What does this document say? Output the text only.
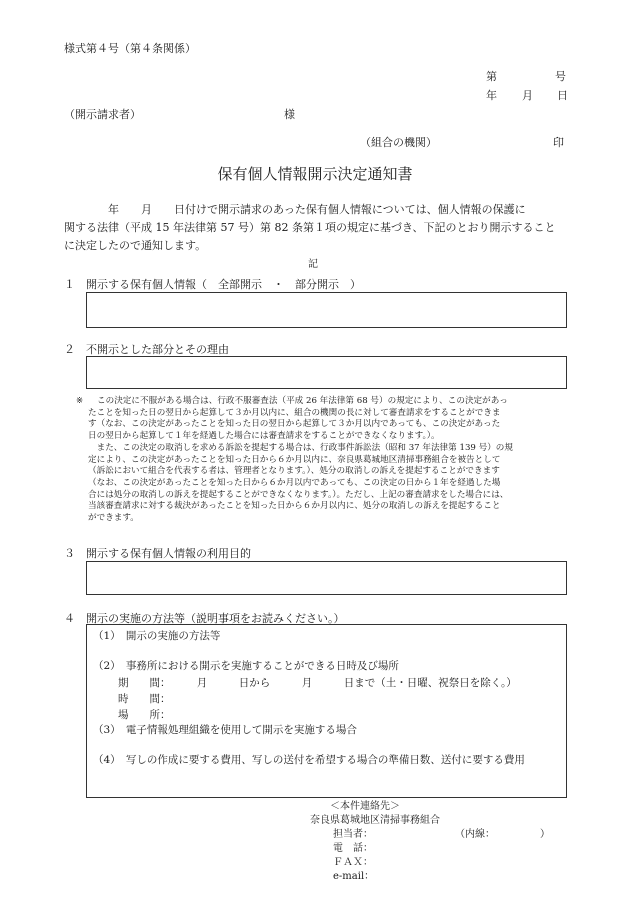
様式第４号（第４条関係）
第	号
年 月 日
（開示請求者）	様
（組合の機関）	印
保有個人情報開示決定通知書
　　　　年　　月　　日付けで開示請求のあった保有個人情報については、個人情報の保護に
関する法律（平成 15 年法律第 57 号）第 82 条第１項の規定に基づき、下記のとおり開示すること
に決定したので通知します。
記
１ 開示する保有個人情報（　全部開示　・　部分開示　）
２ 不開示とした部分とその理由
※	この決定に不服がある場合は、行政不服審査法（平成 26 年法律第 68 号）の規定により、この決定があっ

たことを知った日の翌日から起算して３か月以内に、組合の機関の長に対して審査請求をすることができま

す（なお、この決定があったことを知った日の翌日から起算して３か月以内であっても、この決定があった

日の翌日から起算して１年を経過した場合には審査請求をすることができなくなります。）。

　また、この決定の取消しを求める訴訟を提起する場合は、行政事件訴訟法（昭和 37 年法律第 139 号）の規

定により、この決定があったことを知った日から６か月以内に、奈良県葛城地区清掃事務組合を被告として

（訴訟において組合を代表する者は、管理者となります。）、処分の取消しの訴えを提起することができます

（なお、この決定があったことを知った日から６か月以内であっても、この決定の日から１年を経過した場

合には処分の取消しの訴えを提起することができなくなります。）。ただし、上記の審査請求をした場合には、

当該審査請求に対する裁決があったことを知った日から６か月以内に、処分の取消しの訴えを提起すること

ができます。

３ 開示する保有個人情報の利用目的
４ 開示の実施の方法等（説明事項をお読みください。）
（1）　開示の実施の方法等
（2）　事務所における開示を実施することができる日時及び場所
期　　間：　　　月　　　日から　　　月　　　日まで（土・日曜、祝祭日を除く。）
時　　間：
場　　所：
（3）　電子情報処理組織を使用して開示を実施する場合
（4）　写しの作成に要する費用、写しの送付を希望する場合の準備日数、送付に要する費用
＜本件連絡先＞
奈良県葛城地区清掃事務組合
担当者：	（内線：　　　　　）
電　話：
ＦＡＸ：
e-mail：
